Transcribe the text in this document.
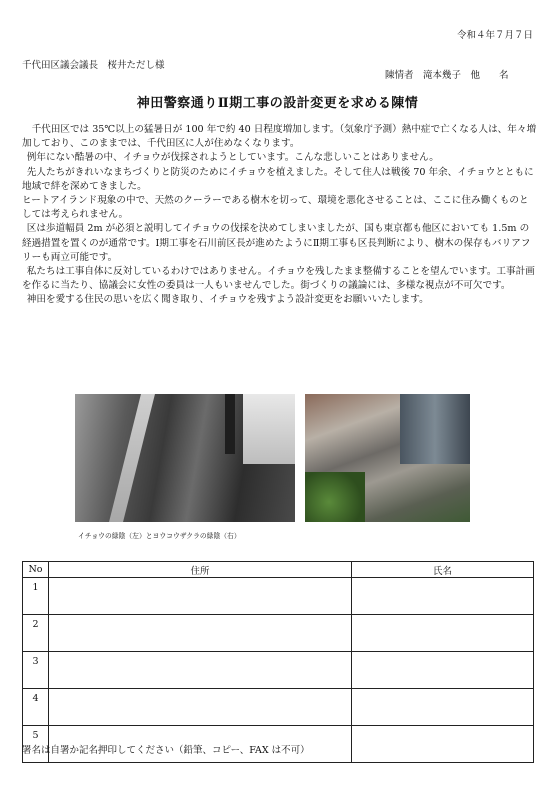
令和４年７月７日
千代田区議会議長　桜井ただし様
陳情者　滝本幾子　他　　名
神田警察通りⅡ期工事の設計変更を求める陳情

千代田区では 35℃以上の猛暑日が 100 年で約 40 日程度増加します。（気象庁予測）熱中症で亡くなる人は、年々増加しており、このままでは、千代田区に人が住めなくなります。

例年にない酷暑の中、イチョウが伐採されようとしています。こんな悲しいことはありません。

先人たちがきれいなまちづくりと防災のためにイチョウを植えました。そして住人は戦後 70 年余、イチョウとともに地域で絆を深めてきました。

ヒートアイランド現象の中で、天然のクーラーである樹木を切って、環境を悪化させることは、ここに住み働くものとしては考えられません。

区は歩道幅員 2m が必須と説明してイチョウの伐採を決めてしまいましたが、国も東京都も他区においても 1.5m の経過措置を置くのが通常です。Ⅰ期工事を石川前区長が進めたようにⅡ期工事も区長判断により、樹木の保存もバリアフリーも両立可能です。

私たちは工事自体に反対しているわけではありません。イチョウを残したまま整備することを望んでいます。工事計画を作るに当たり、協議会に女性の委員は一人もいませんでした。街づくりの議論には、多様な視点が不可欠です。

神田を愛する住民の思いを広く聞き取り、イチョウを残すよう設計変更をお願いいたします。

イチョウの緑陰（左）とヨウコウザクラの緑陰（右）
No	住所	氏名
1		
2		
3		
4		
5		
署名は自署か記名押印してください（鉛筆、コピー、FAX は不可）
